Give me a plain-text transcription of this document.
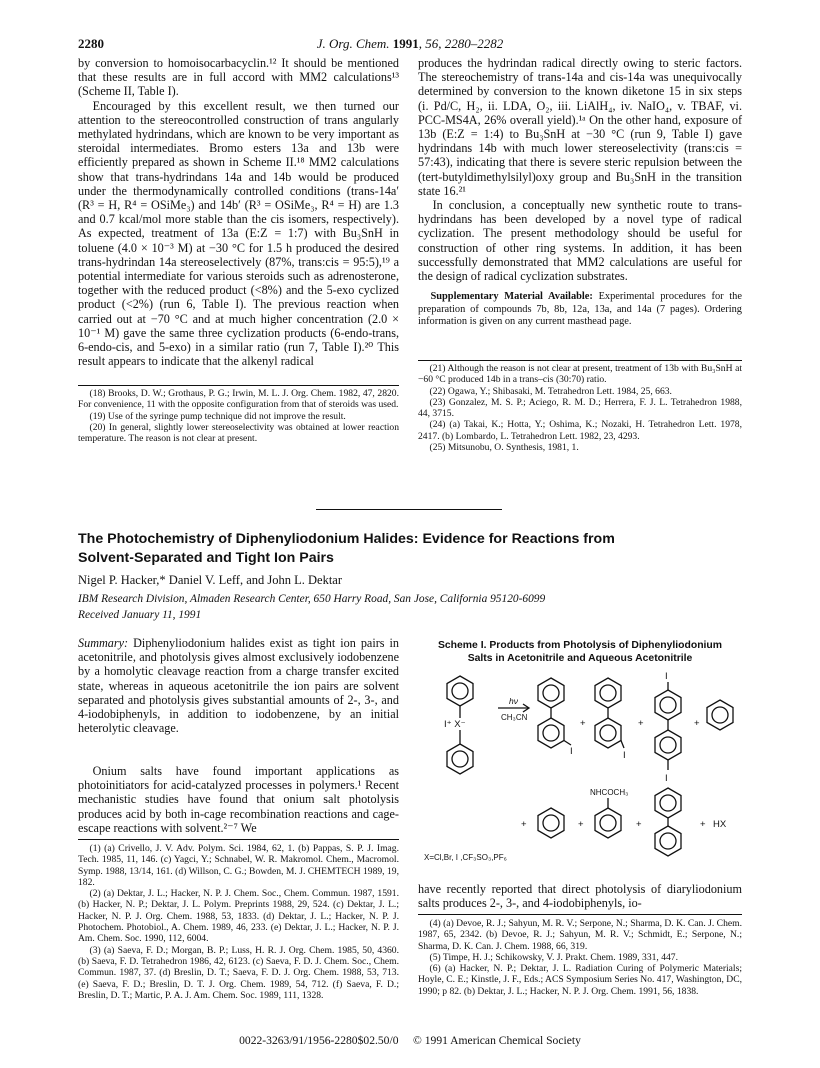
2280	J. Org. Chem. 1991, 56, 2280–2282

by conversion to homoisocarbacyclin.¹² It should be mentioned that these results are in full accord with MM2 calculations¹³ (Scheme II, Table I).

Encouraged by this excellent result, we then turned our attention to the stereocontrolled construction of trans angularly methylated hydrindans, which are known to be very important as steroidal intermediates. Bromo esters 13a and 13b were efficiently prepared as shown in Scheme II.¹⁸ MM2 calculations show that trans-hydrindans 14a and 14b would be produced under the thermodynamically controlled conditions (trans-14a′ (R³ = H, R⁴ = OSiMe₃) and 14b′ (R³ = OSiMe₃, R⁴ = H) are 1.3 and 0.7 kcal/mol more stable than the cis isomers, respectively). As expected, treatment of 13a (E:Z = 1:7) with Bu₃SnH in toluene (4.0 × 10⁻³ M) at −30 °C for 1.5 h produced the desired trans-hydrindan 14a stereoselectively (87%, trans:cis = 95:5),¹⁹ a potential intermediate for various steroids such as adrenosterone, together with the reduced product (<8%) and the 5-exo cyclized product (<2%) (run 6, Table I). The previous reaction when carried out at −70 °C and at much higher concentration (2.0 × 10⁻¹ M) gave the same three cyclization products (6-endo-trans, 6-endo-cis, and 5-exo) in a similar ratio (run 7, Table I).²⁰ This result appears to indicate that the alkenyl radical

produces the hydrindan radical directly owing to steric factors. The stereochemistry of trans-14a and cis-14a was unequivocally determined by conversion to the known diketone 15 in six steps (i. Pd/C, H₂, ii. LDA, O₂, iii. LiAlH₄, iv. NaIO₄, v. TBAF, vi. PCC-MS4A, 26% overall yield).¹ᵃ On the other hand, exposure of 13b (E:Z = 1:4) to Bu₃SnH at −30 °C (run 9, Table I) gave hydrindans 14b with much lower stereoselectivity (trans:cis = 57:43), indicating that there is severe steric repulsion between the (tert-butyldimethylsilyl)oxy group and Bu₃SnH in the transition state 16.²¹

In conclusion, a conceptually new synthetic route to trans-hydrindans has been developed by a novel type of radical cyclization. The present methodology should be useful for construction of other ring systems. In addition, it has been successfully demonstrated that MM2 calculations are useful for the design of radical cyclization substrates.

Supplementary Material Available: Experimental procedures for the preparation of compounds 7b, 8b, 12a, 13a, and 14a (7 pages). Ordering information is given on any current masthead page.

(18) Brooks, D. W.; Grothaus, P. G.; Irwin, M. L. J. Org. Chem. 1982, 47, 2820. For convenience, 11 with the opposite configuration from that of steroids was used.

(19) Use of the syringe pump technique did not improve the result.

(20) In general, slightly lower stereoselectivity was obtained at lower reaction temperature. The reason is not clear at present.

(21) Although the reason is not clear at present, treatment of 13b with Bu₃SnH at −60 °C produced 14b in a trans–cis (30:70) ratio.

(22) Ogawa, Y.; Shibasaki, M. Tetrahedron Lett. 1984, 25, 663.

(23) Gonzalez, M. S. P.; Aciego, R. M. D.; Herrera, F. J. L. Tetrahedron 1988, 44, 3715.

(24) (a) Takai, K.; Hotta, Y.; Oshima, K.; Nozaki, H. Tetrahedron Lett. 1978, 2417. (b) Lombardo, L. Tetrahedron Lett. 1982, 23, 4293.

(25) Mitsunobu, O. Synthesis, 1981, 1.

The Photochemistry of Diphenyliodonium Halides: Evidence for Reactions from
Solvent-Separated and Tight Ion Pairs
Nigel P. Hacker,* Daniel V. Leff, and John L. Dektar
IBM Research Division, Almaden Research Center, 650 Harry Road, San Jose, California 95120-6099
Received January 11, 1991
Summary: Diphenyliodonium halides exist as tight ion pairs in acetonitrile, and photolysis gives almost exclusively iodobenzene by a homolytic cleavage reaction from a charge transfer excited state, whereas in aqueous acetonitrile the ion pairs are solvent separated and photolysis gives substantial amounts of 2-, 3-, and 4-iodobiphenyls, in addition to iodobenzene, by an initial heterolytic cleavage.

Onium salts have found important applications as photoinitiators for acid-catalyzed processes in polymers.¹ Recent mechanistic studies have found that onium salt photolysis produces acid by both in-cage recombination reactions and cage-escape reactions with solvent.²⁻⁷ We

(1) (a) Crivello, J. V. Adv. Polym. Sci. 1984, 62, 1. (b) Pappas, S. P. J. Imag. Tech. 1985, 11, 146. (c) Yagci, Y.; Schnabel, W. R. Makromol. Chem., Macromol. Symp. 1988, 13/14, 161. (d) Willson, C. G.; Bowden, M. J. CHEMTECH 1989, 19, 182.

(2) (a) Dektar, J. L.; Hacker, N. P. J. Chem. Soc., Chem. Commun. 1987, 1591. (b) Hacker, N. P.; Dektar, J. L. Polym. Preprints 1988, 29, 524. (c) Dektar, J. L.; Hacker, N. P. J. Org. Chem. 1988, 53, 1833. (d) Dektar, J. L.; Hacker, N. P. J. Photochem. Photobiol., A. Chem. 1989, 46, 233. (e) Dektar, J. L.; Hacker, N. P. J. Am. Chem. Soc. 1990, 112, 6004.

(3) (a) Saeva, F. D.; Morgan, B. P.; Luss, H. R. J. Org. Chem. 1985, 50, 4360. (b) Saeva, F. D. Tetrahedron 1986, 42, 6123. (c) Saeva, F. D. J. Chem. Soc., Chem. Commun. 1987, 37. (d) Breslin, D. T.; Saeva, F. D. J. Org. Chem. 1988, 53, 713. (e) Saeva, F. D.; Breslin, D. T. J. Org. Chem. 1989, 54, 712. (f) Saeva, F. D.; Breslin, D. T.; Martic, P. A. J. Am. Chem. Soc. 1989, 111, 1328.

Scheme I. Products from Photolysis of Diphenyliodonium
Salts in Acetonitrile and Aqueous Acetonitrile
I⁺ X⁻
hν
CH₃CN
+	+	+
I	I
I
I
NHCOCH₃
+	+	+	+ HX
X=Cl,Br, I ,CF₃SO₃,PF₆

have recently reported that direct photolysis of diaryliodonium salts produces 2-, 3-, and 4-iodobiphenyls, io-

(4) (a) Devoe, R. J.; Sahyun, M. R. V.; Serpone, N.; Sharma, D. K. Can. J. Chem. 1987, 65, 2342. (b) Devoe, R. J.; Sahyun, M. R. V.; Schmidt, E.; Serpone, N.; Sharma, D. K. Can. J. Chem. 1988, 66, 319.

(5) Timpe, H. J.; Schikowsky, V. J. Prakt. Chem. 1989, 331, 447.

(6) (a) Hacker, N. P.; Dektar, J. L. Radiation Curing of Polymeric Materials; Hoyle, C. E.; Kinstle, J. F., Eds.; ACS Symposium Series No. 417, Washington, DC, 1990; p 82. (b) Dektar, J. L.; Hacker, N. P. J. Org. Chem. 1991, 56, 1838.

0022-3263/91/1956-2280$02.50/0 © 1991 American Chemical Society
